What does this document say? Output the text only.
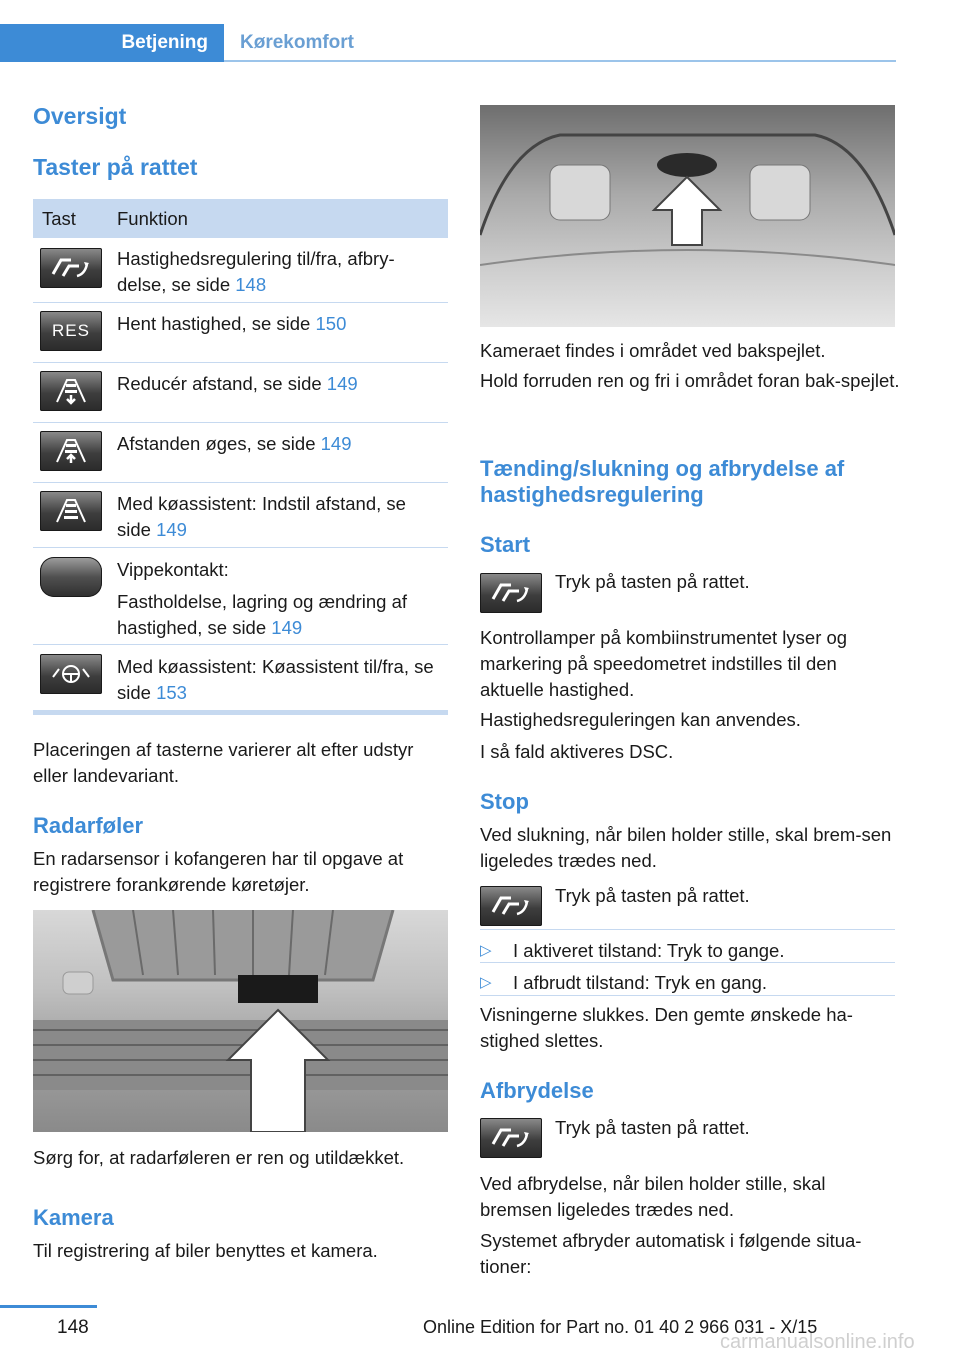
Betjening	Kørekomfort
Oversigt
Taster på rattet
Tast Funktion
Hastighedsregulering til/fra, afbry-delse, se side 148
RES Hent hastighed, se side 150
Reducér afstand, se side 149
Afstanden øges, se side 149
Med køassistent: Indstil afstand, se side 149
Vippekontakt:
Fastholdelse, lagring og ændring af hastighed, se side 149
Med køassistent: Køassistent til/fra, se side 153
Placeringen af tasterne varierer alt efter udstyr eller landevariant.
Radarføler
En radarsensor i kofangeren har til opgave at registrere forankørende køretøjer.
Sørg for, at radarføleren er ren og utildækket.
Kamera
Til registrering af biler benyttes et kamera.
Kameraet findes i området ved bakspejlet.
Hold forruden ren og fri i området foran bak-spejlet.
Tænding/slukning og afbrydelse af hastighedsregulering
Start
Tryk på tasten på rattet.
Kontrollamper på kombiinstrumentet lyser og markering på speedometret indstilles til den aktuelle hastighed.
Hastighedsreguleringen kan anvendes.
I så fald aktiveres DSC.
Stop
Ved slukning, når bilen holder stille, skal brem-sen ligeledes trædes ned.
Tryk på tasten på rattet.
▷ I aktiveret tilstand: Tryk to gange.
▷ I afbrudt tilstand: Tryk en gang.
Visningerne slukkes. Den gemte ønskede ha-stighed slettes.
Afbrydelse
Tryk på tasten på rattet.
Ved afbrydelse, når bilen holder stille, skal bremsen ligeledes trædes ned.
Systemet afbryder automatisk i følgende situa-tioner:
148	Online Edition for Part no. 01 40 2 966 031 - X/15
carmanualsonline.info
